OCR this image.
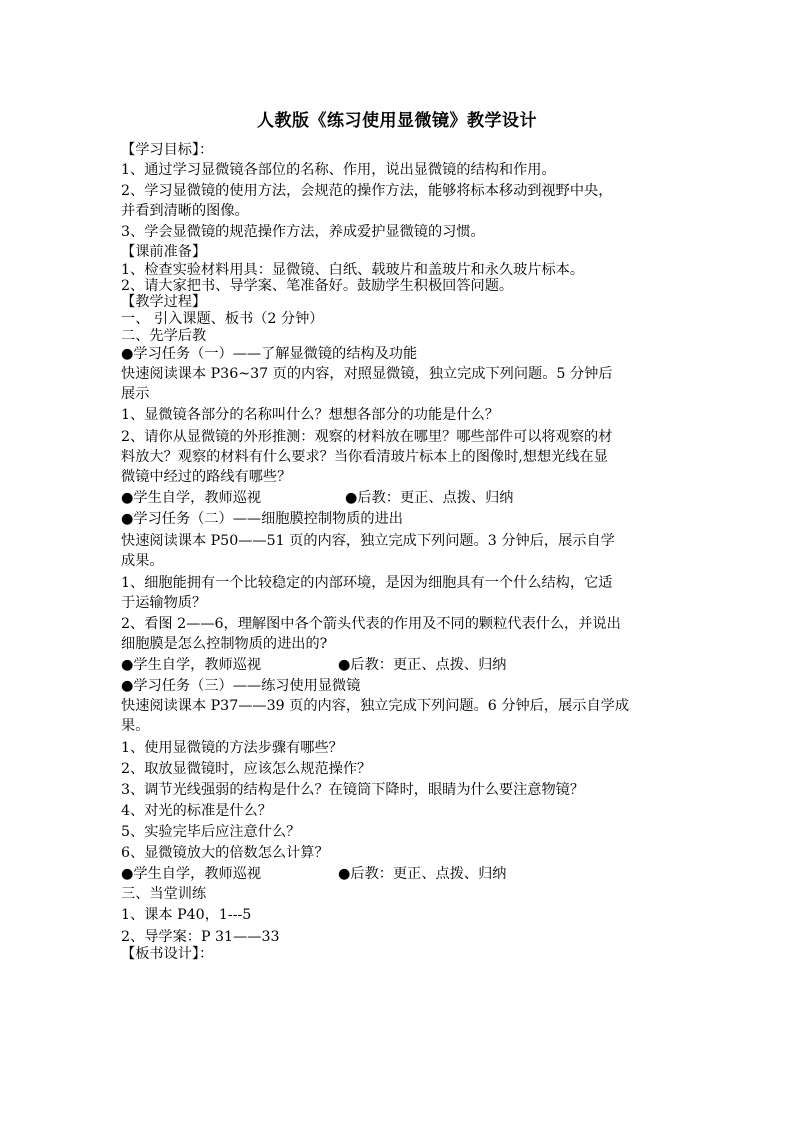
人教版《练习使用显微镜》教学设计
【学习目标】：
1、通过学习显微镜各部位的名称、作用，说出显微镜的结构和作用。
2、学习显微镜的使用方法，会规范的操作方法，能够将标本移动到视野中央，
并看到清晰的图像。
3、学会显微镜的规范操作方法，养成爱护显微镜的习惯。
【课前准备】
1、检查实验材料用具：显微镜、白纸、载玻片和盖玻片和永久玻片标本。
2、请大家把书、导学案、笔准备好。鼓励学生积极回答问题。
【教学过程】
一、 引入课题、板书（2 分钟）
二、先学后教
●学习任务（一）——了解显微镜的结构及功能
快速阅读课本 P36~37 页的内容，对照显微镜，独立完成下列问题。5 分钟后
展示
1、显微镜各部分的名称叫什么？想想各部分的功能是什么？
2、请你从显微镜的外形推测：观察的材料放在哪里？哪些部件可以将观察的材
料放大？观察的材料有什么要求？当你看清玻片标本上的图像时,想想光线在显
微镜中经过的路线有哪些？
●学生自学，教师巡视	●后教：更正、点拨、归纳
●学习任务（二）——细胞膜控制物质的进出
快速阅读课本 P50——51 页的内容，独立完成下列问题。3 分钟后，展示自学
成果。
1、细胞能拥有一个比较稳定的内部环境，是因为细胞具有一个什么结构，它适
于运输物质？
2、看图 2——6，理解图中各个箭头代表的作用及不同的颗粒代表什么，并说出
细胞膜是怎么控制物质的进出的?
●学生自学，教师巡视	●后教：更正、点拨、归纳
●学习任务（三）——练习使用显微镜
快速阅读课本 P37——39 页的内容，独立完成下列问题。6 分钟后，展示自学成
果。
1、使用显微镜的方法步骤有哪些？
2、取放显微镜时，应该怎么规范操作？
3、调节光线强弱的结构是什么？在镜筒下降时，眼睛为什么要注意物镜？
4、对光的标准是什么？
5、实验完毕后应注意什么？
6、显微镜放大的倍数怎么计算？
●学生自学，教师巡视	●后教：更正、点拨、归纳
三、当堂训练
1、课本 P40，1---5
2、导学案：P 31——33
【板书设计】：
